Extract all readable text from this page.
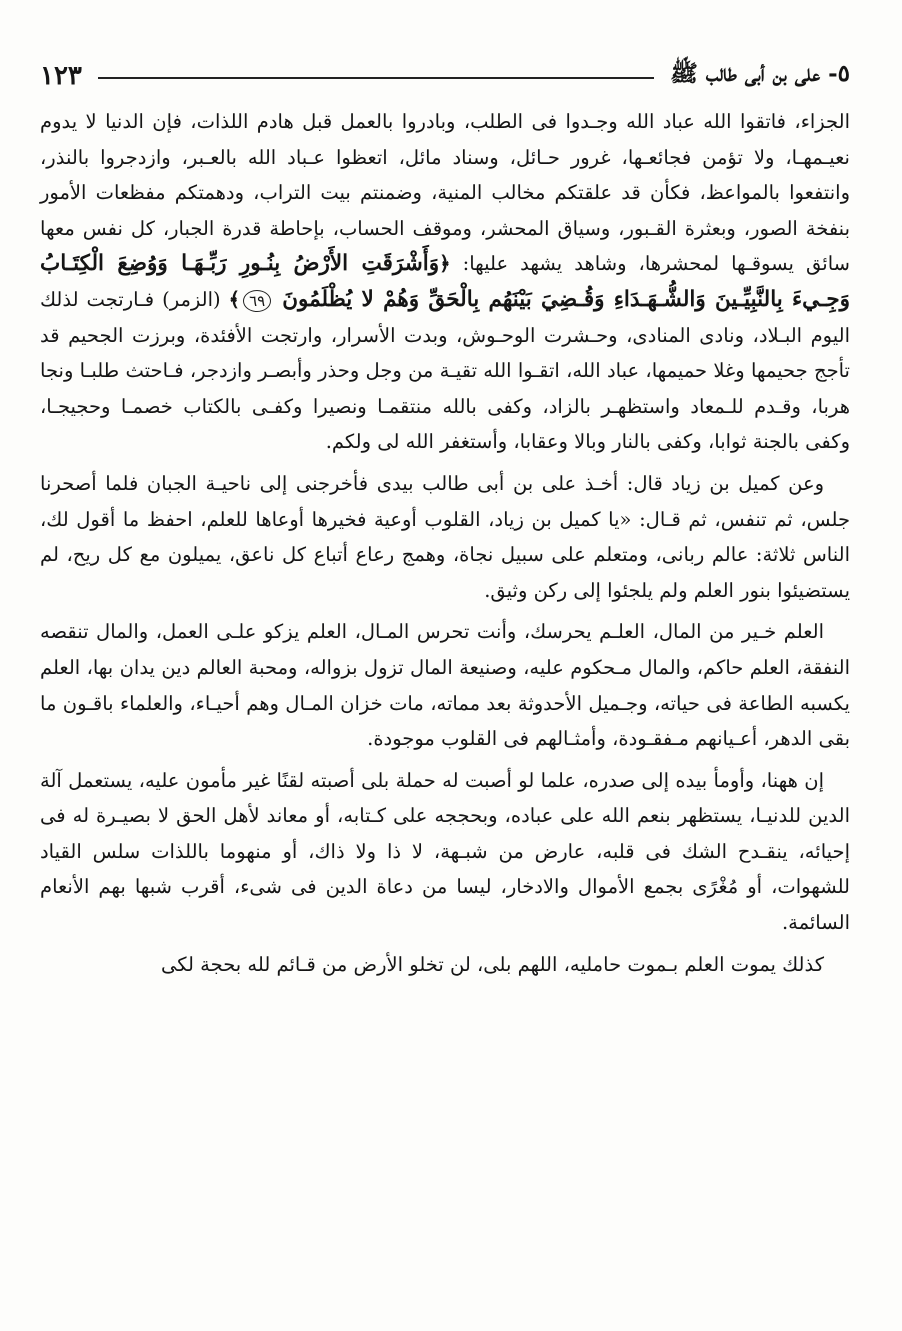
٥- على بن أبى طالب ﷺ
١٢٣

الجزاء، فاتقوا الله عباد الله وجـدوا فى الطلب، وبادروا بالعمل قبل هادم اللذات، فإن الدنيا لا يدوم نعيـمهـا، ولا تؤمن فجائعـها، غرور حـائل، وسناد مائل، اتعظوا عـباد الله بالعـبر، وازدجروا بالنذر، وانتفعوا بالمواعظ، فكأن قد علقتكم مخالب المنية، وضمنتم بيت التراب، ودهمتكم مفظعات الأمور بنفخة الصور، وبعثرة القـبور، وسياق المحشر، وموقف الحساب، بإحاطة قدرة الجبار، كل نفس معها سائق يسوقـها لمحشرها، وشاهد يشهد عليها: ﴿وَأَشْرَقَتِ الأَرْضُ بِنُـورِ رَبِّـهَـا وَوُضِعَ الْكِتَـابُ وَجِـيءَ بِالنَّبِيِّـينَ وَالشُّـهَـدَاءِ وَقُـضِيَ بَيْنَهُم بِالْحَقِّ وَهُمْ لا يُظْلَمُونَ ٦٩﴾ (الزمر) فـارتجت لذلك اليوم البـلاد، ونادى المنادى، وحـشرت الوحـوش، وبدت الأسرار، وارتجت الأفئدة، وبرزت الجحيم قد تأجج جحيمها وغلا حميمها، عباد الله، اتقـوا الله تقيـة من وجل وحذر وأبصـر وازدجر، فـاحتث طلبـا ونجا هربا، وقـدم للـمعاد واستظهـر بالزاد، وكفى بالله منتقمـا ونصيرا وكفـى بالكتاب خصمـا وحجيجـا، وكفى بالجنة ثوابا، وكفى بالنار وبالا وعقابا، وأستغفر الله لى ولكم.

وعن كميل بن زياد قال: أخـذ على بن أبى طالب بيدى فأخرجنى إلى ناحيـة الجبان فلما أصحرنا جلس، ثم تنفس، ثم قـال: «يا كميل بن زياد، القلوب أوعية فخيرها أوعاها للعلم، احفظ ما أقول لك، الناس ثلاثة: عالم ربانى، ومتعلم على سبيل نجاة، وهمج رعاع أتباع كل ناعق، يميلون مع كل ريح، لم يستضيئوا بنور العلم ولم يلجئوا إلى ركن وثيق.

العلم خـير من المال، العلـم يحرسك، وأنت تحرس المـال، العلم يزكو علـى العمل، والمال تنقصه النفقة، العلم حاكم، والمال مـحكوم عليه، وصنيعة المال تزول بزواله، ومحبة العالم دين يدان بها، العلم يكسبه الطاعة فى حياته، وجـميل الأحدوثة بعد مماته، مات خزان المـال وهم أحيـاء، والعلماء باقـون ما بقى الدهر، أعـيانهم مـفقـودة، وأمثـالهم فى القلوب موجودة.

إن ههنا، وأومأ بيده إلى صدره، علما لو أصبت له حملة بلى أصبته لقنًا غير مأمون عليه، يستعمل آلة الدين للدنيـا، يستظهر بنعم الله على عباده، وبحججه على كـتابه، أو معاند لأهل الحق لا بصيـرة له فى إحيائه، ينقـدح الشك فى قلبه، عارض من شبـهة، لا ذا ولا ذاك، أو منهوما باللذات سلس القياد للشهوات، أو مُغْرًى بجمع الأموال والادخار، ليسا من دعاة الدين فى شىء، أقرب شبها بهم الأنعام السائمة.

كذلك يموت العلم بـموت حامليه، اللهم بلى، لن تخلو الأرض من قـائم لله بحجة لكى
